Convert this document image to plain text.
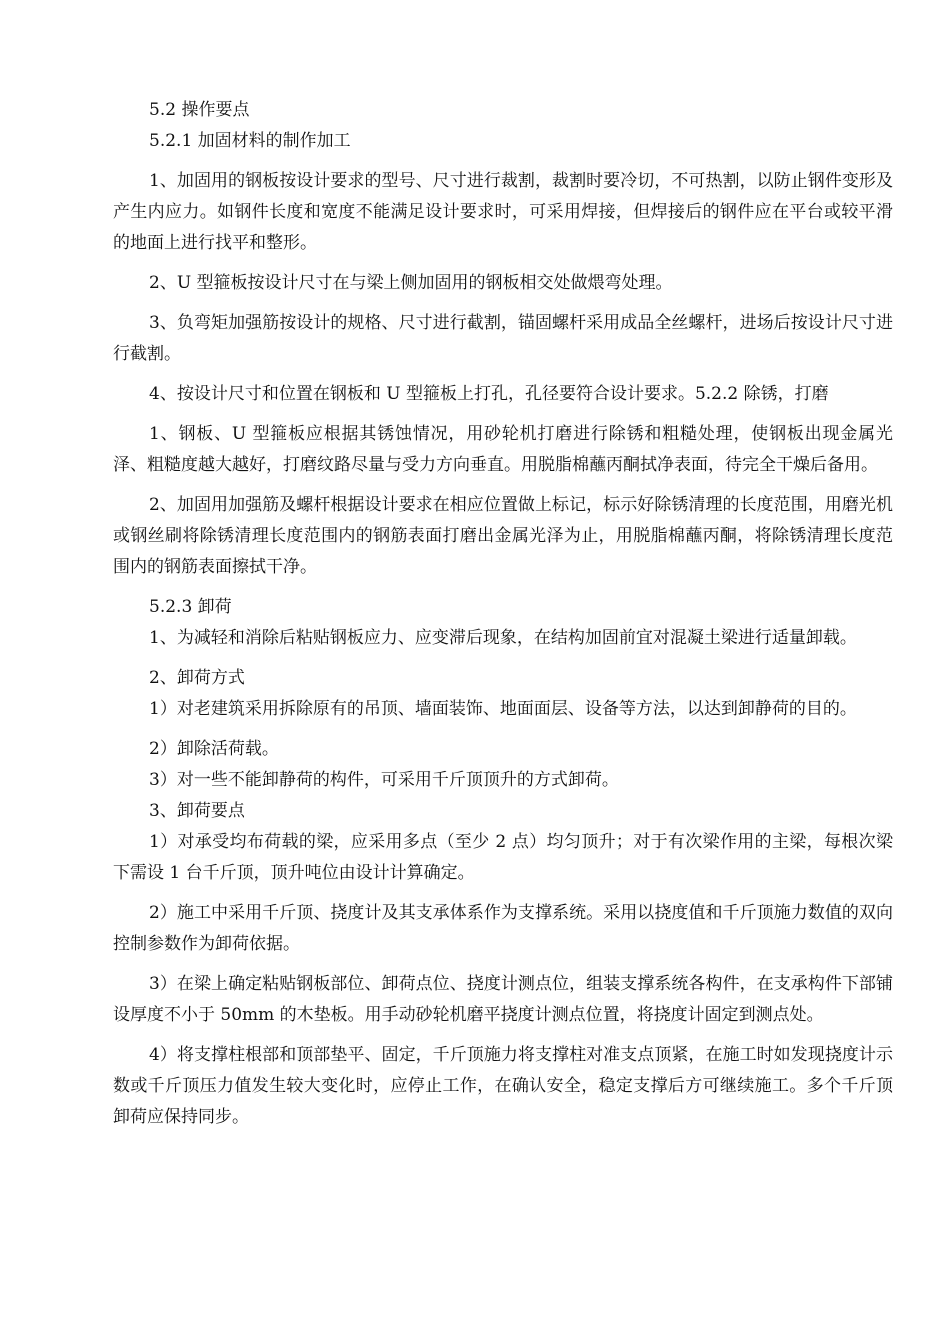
5.2 操作要点

5.2.1 加固材料的制作加工

1、加固用的钢板按设计要求的型号、尺寸进行裁割，裁割时要冷切，不可热割，以防止钢件变形及产生内应力。如钢件长度和宽度不能满足设计要求时，可采用焊接，但焊接后的钢件应在平台或较平滑的地面上进行找平和整形。

2、U 型箍板按设计尺寸在与梁上侧加固用的钢板相交处做煨弯处理。

3、负弯矩加强筋按设计的规格、尺寸进行截割，锚固螺杆采用成品全丝螺杆，进场后按设计尺寸进行截割。

4、按设计尺寸和位置在钢板和 U 型箍板上打孔，孔径要符合设计要求。5.2.2 除锈，打磨

1、钢板、U 型箍板应根据其锈蚀情况，用砂轮机打磨进行除锈和粗糙处理，使钢板出现金属光泽、粗糙度越大越好，打磨纹路尽量与受力方向垂直。用脱脂棉蘸丙酮拭净表面，待完全干燥后备用。

2、加固用加强筋及螺杆根据设计要求在相应位置做上标记，标示好除锈清理的长度范围，用磨光机或钢丝刷将除锈清理长度范围内的钢筋表面打磨出金属光泽为止，用脱脂棉蘸丙酮，将除锈清理长度范围内的钢筋表面擦拭干净。

5.2.3 卸荷

1、为减轻和消除后粘贴钢板应力、应变滞后现象，在结构加固前宜对混凝土梁进行适量卸载。

2、卸荷方式

1）对老建筑采用拆除原有的吊顶、墙面装饰、地面面层、设备等方法，以达到卸静荷的目的。

2）卸除活荷载。

3）对一些不能卸静荷的构件，可采用千斤顶顶升的方式卸荷。

3、卸荷要点

1）对承受均布荷载的梁，应采用多点（至少 2 点）均匀顶升；对于有次梁作用的主梁，每根次梁下需设 1 台千斤顶，顶升吨位由设计计算确定。

2）施工中采用千斤顶、挠度计及其支承体系作为支撑系统。采用以挠度值和千斤顶施力数值的双向控制参数作为卸荷依据。

3）在梁上确定粘贴钢板部位、卸荷点位、挠度计测点位，组装支撑系统各构件，在支承构件下部铺设厚度不小于 50mm 的木垫板。用手动砂轮机磨平挠度计测点位置，将挠度计固定到测点处。

4）将支撑柱根部和顶部垫平、固定，千斤顶施力将支撑柱对准支点顶紧，在施工时如发现挠度计示数或千斤顶压力值发生较大变化时，应停止工作，在确认安全，稳定支撑后方可继续施工。多个千斤顶卸荷应保持同步。
